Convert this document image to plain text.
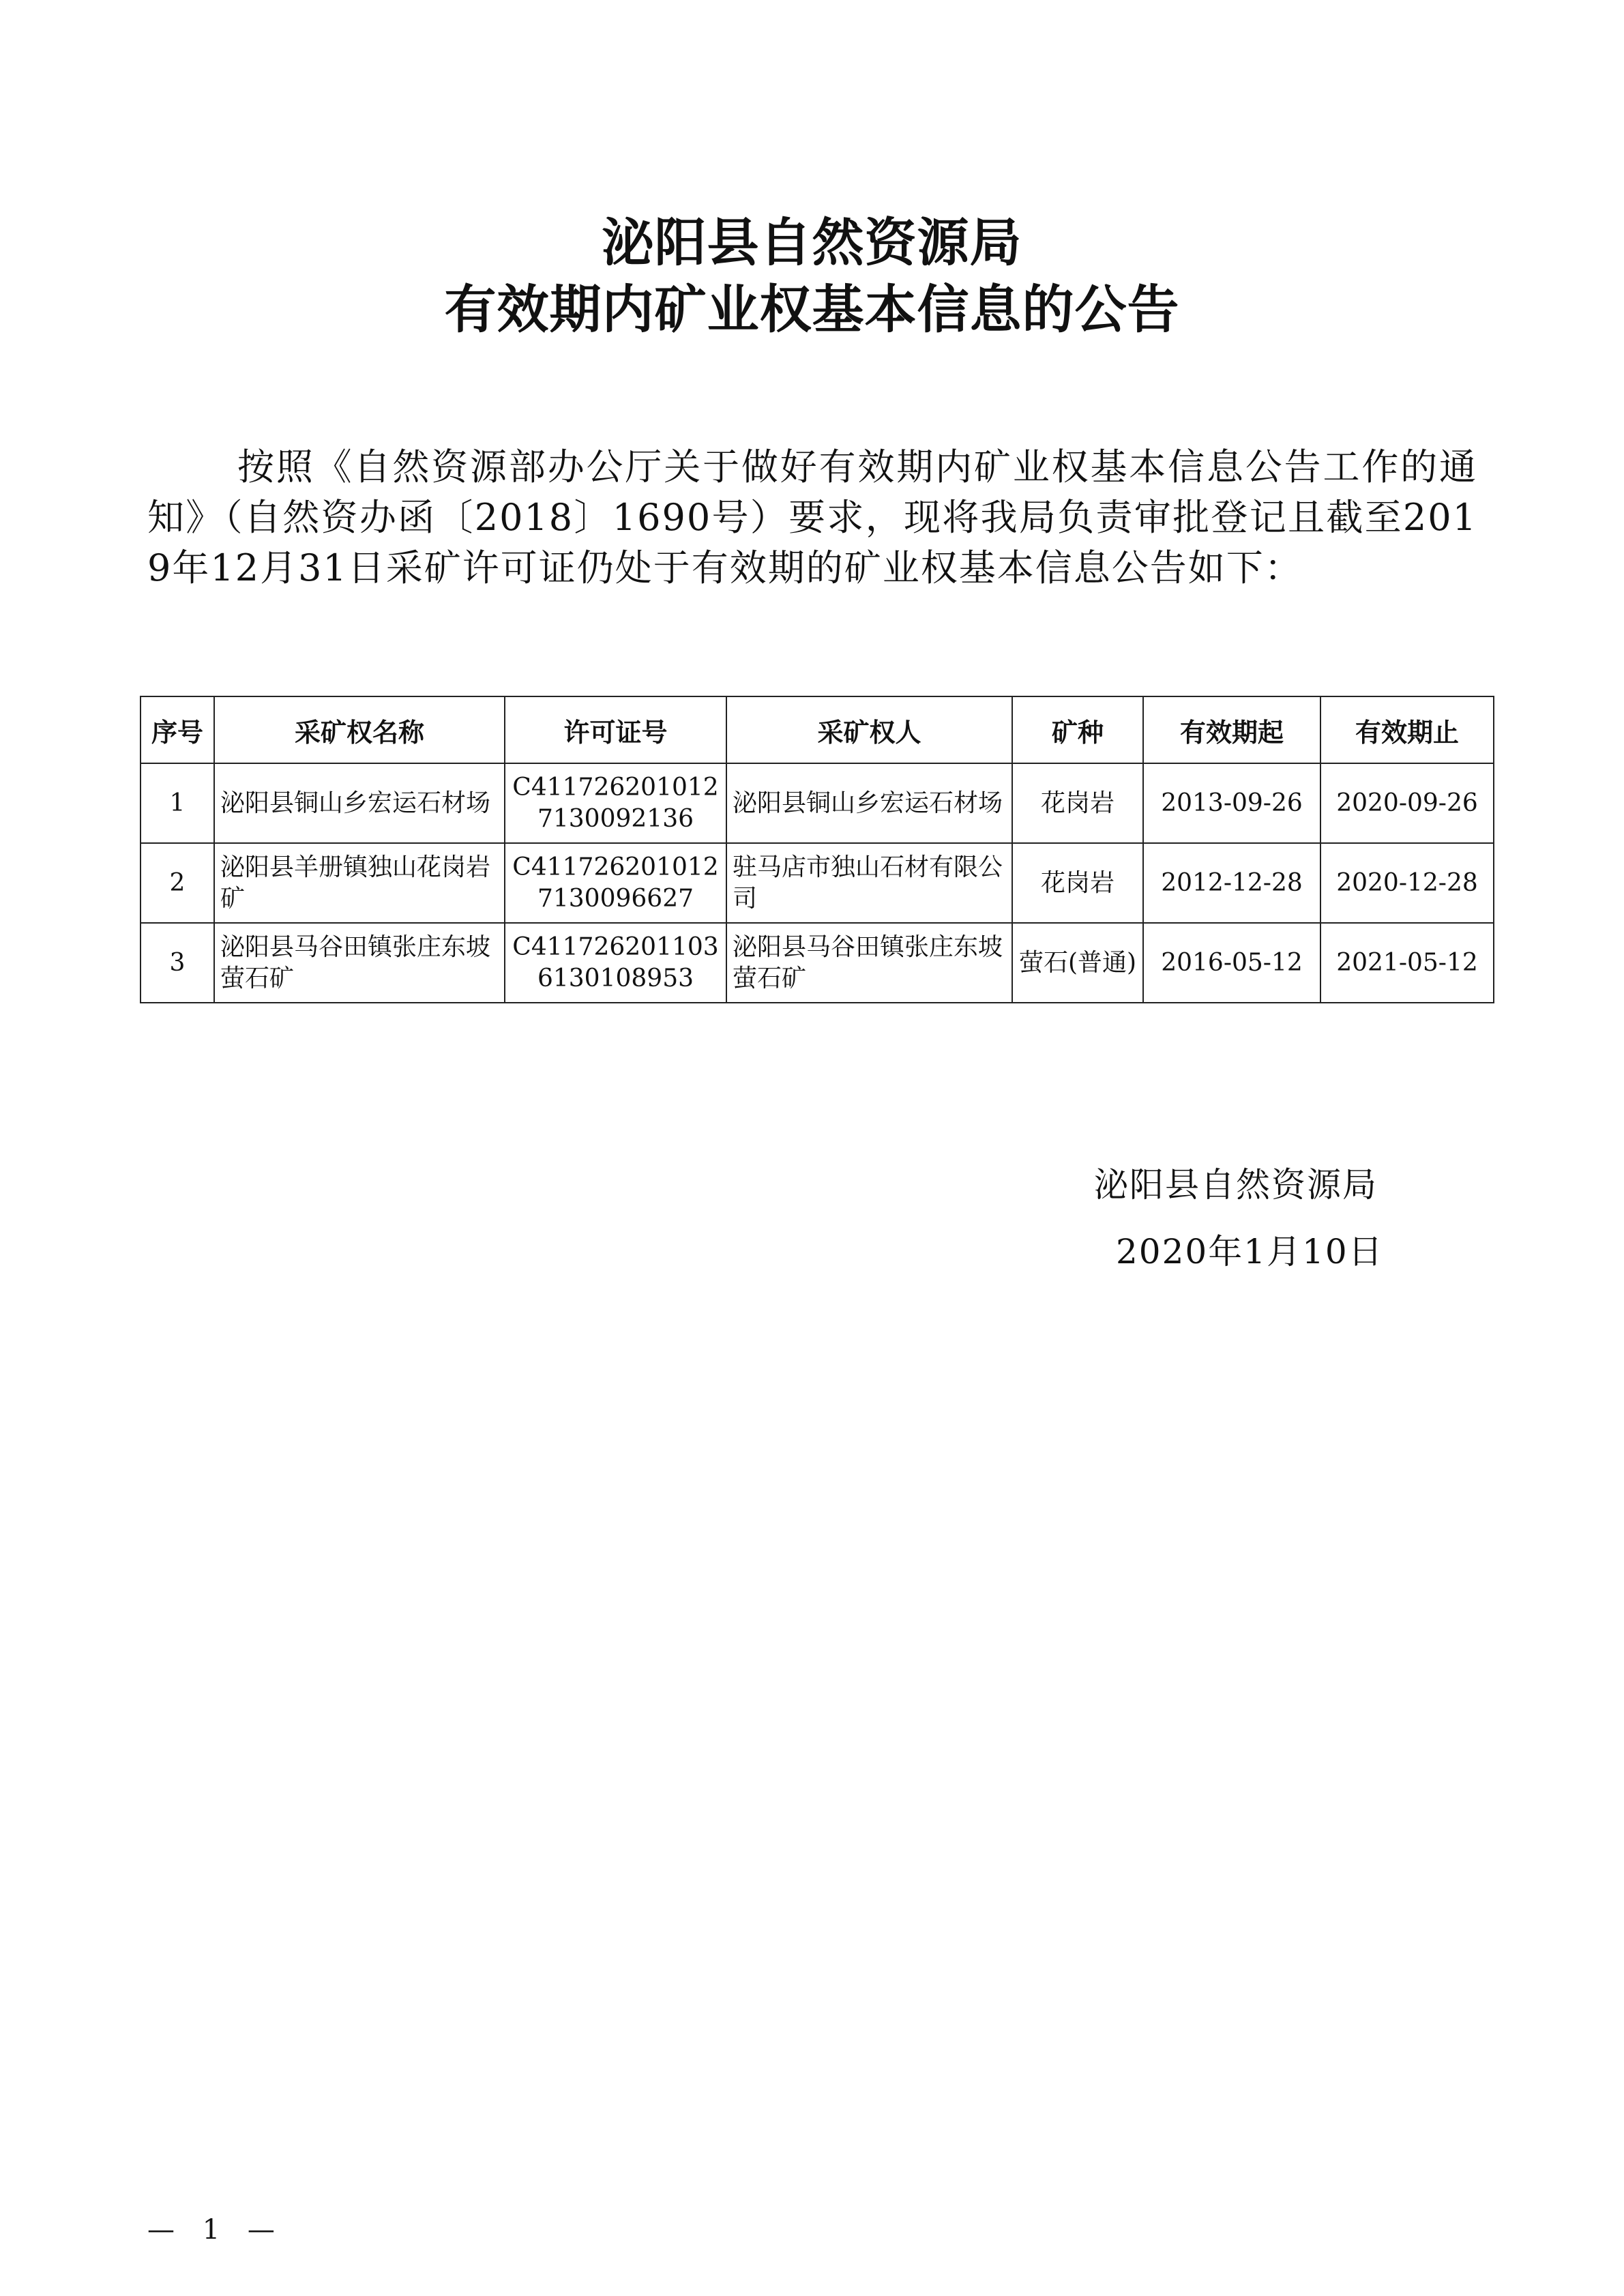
泌阳县自然资源局
有效期内矿业权基本信息的公告

按照《自然资源部办公厅关于做好有效期内矿业权基本信息公告工作的通知》（自然资办函〔2018〕1690号）要求，现将我局负责审批登记且截至2019年12月31日采矿许可证仍处于有效期的矿业权基本信息公告如下：

序号	采矿权名称	许可证号	采矿权人	矿种	有效期起	有效期止
1	泌阳县铜山乡宏运石材场	C4117262010127130092136	泌阳县铜山乡宏运石材场	花岗岩	2013-09-26	2020-09-26
2	泌阳县羊册镇独山花岗岩矿	C4117262010127130096627	驻马店市独山石材有限公司	花岗岩	2012-12-28	2020-12-28
3	泌阳县马谷田镇张庄东坡萤石矿	C4117262011036130108953	泌阳县马谷田镇张庄东坡萤石矿	萤石(普通)	2016-05-12	2021-05-12

泌阳县自然资源局

2020年1月10日

— 1 —
